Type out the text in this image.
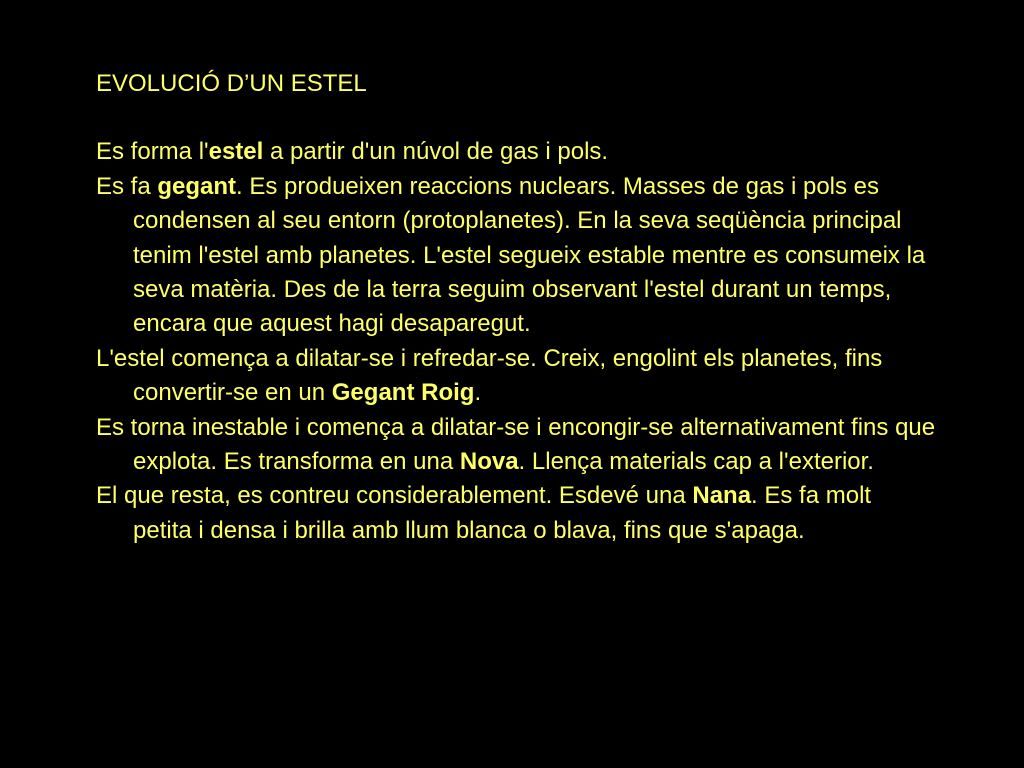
EVOLUCIÓ D’UN ESTEL

Es forma l'estel a partir d'un núvol de gas i pols.

Es fa gegant. Es produeixen reaccions nuclears. Masses de gas i pols es condensen al seu entorn (protoplanetes). En la seva seqüència principal tenim l'estel amb planetes. L'estel segueix estable mentre es consumeix la seva matèria. Des de la terra seguim observant l'estel durant un temps, encara que aquest hagi desaparegut.

L'estel comença a dilatar-se i refredar-se. Creix, engolint els planetes, fins convertir-se en un Gegant Roig.

Es torna inestable i comença a dilatar-se i encongir-se alternativament fins que explota. Es transforma en una Nova. Llença materials cap a l'exterior.

El que resta, es contreu considerablement. Esdevé una Nana. Es fa molt petita i densa i brilla amb llum blanca o blava, fins que s'apaga.
